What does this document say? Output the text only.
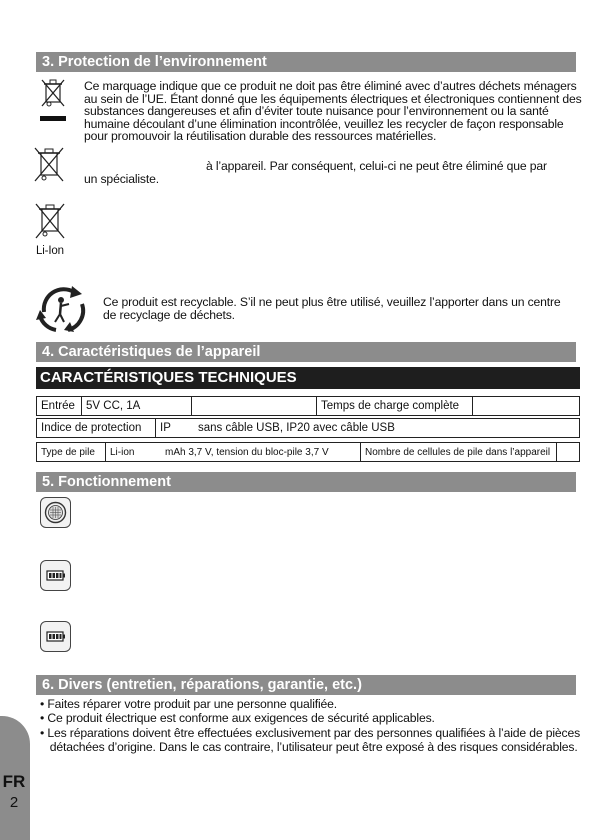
3. Protection de l’environnement
Ce marquage indique que ce produit ne doit pas être éliminé avec d’autres déchets ménagers
au sein de l’UE. Étant donné que les équipements électriques et électroniques contiennent des
substances dangereuses et afin d’éviter toute nuisance pour l’environnement ou la santé
humaine découlant d’une élimination incontrôlée, veuillez les recycler de façon responsable
pour promouvoir la réutilisation durable des ressources matérielles.
à l’appareil. Par conséquent, celui-ci ne peut être éliminé que par
un spécialiste.
Li-Ion
Ce produit est recyclable. S’il ne peut plus être utilisé, veuillez l’apporter dans un centre
de recyclage de déchets.
4. Caractéristiques de l’appareil
CARACTÉRISTIQUES TECHNIQUES
Entrée 5V CC, 1A	Temps de charge complète
Indice de protection	IP	sans câble USB, IP20 avec câble USB
Type de pile	Li-ion	mAh 3,7 V, tension du bloc-pile 3,7 V	Nombre de cellules de pile dans l’appareil
5. Fonctionnement
6. Divers (entretien, réparations, garantie, etc.)
• Faites réparer votre produit par une personne qualifiée.
• Ce produit électrique est conforme aux exigences de sécurité applicables.
• Les réparations doivent être effectuées exclusivement par des personnes qualifiées à l’aide de pièces
détachées d’origine. Dans le cas contraire, l’utilisateur peut être exposé à des risques considérables.
FR
2
